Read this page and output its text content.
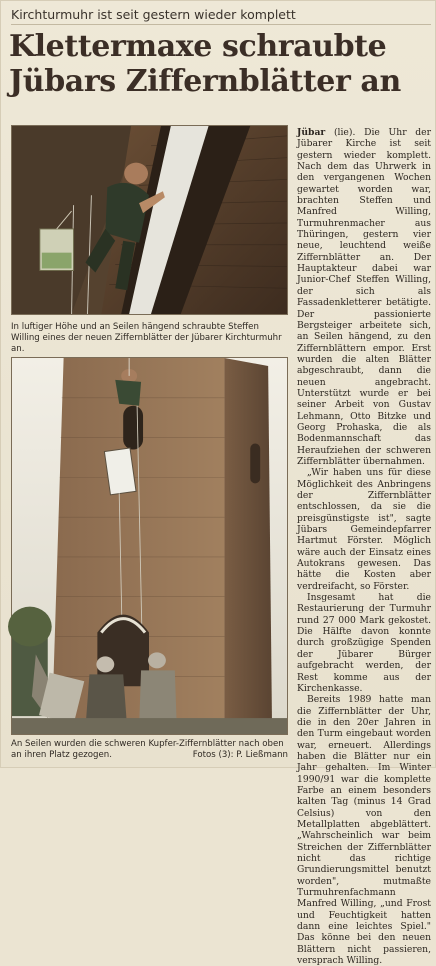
Kirchturmuhr ist seit gestern wieder komplett
Klettermaxe schraubte
Jübars Ziffernblätter an
In luftiger Höhe und an Seilen hängend schraubte Steffen Willing eines der neuen Ziffernblätter der Jübarer Kirchturmuhr an.
An Seilen wurden die schweren Kupfer-Ziffernblätter nach oben an ihren Platz gezogen.	Fotos (3): P. Ließmann

Jübar (lie). Die Uhr der Jübarer Kirche ist seit gestern wieder komplett. Nach dem das Uhrwerk in den vergangenen Wochen gewartet worden war, brachten Steffen und Manfred Willing, Turmuhrenmacher aus Thüringen, gestern vier neue, leuchtend weiße Ziffernblätter an. Der Hauptakteur dabei war Junior-Chef Steffen Willing, der sich als Fassadenkletterer betätigte. Der passionierte Bergsteiger arbeitete sich, an Seilen hängend, zu den Ziffernblättern empor. Erst wurden die alten Blätter abgeschraubt, dann die neuen angebracht. Unterstützt wurde er bei seiner Arbeit von Gustav Lehmann, Otto Bitzke und Georg Prohaska, die als Bodenmannschaft das Heraufziehen der schweren Ziffernblätter übernahmen.

„Wir haben uns für diese Möglichkeit des Anbringens der Ziffernblätter entschlossen, da sie die preisgünstigste ist", sagte Jübars Gemeindepfarrer Hartmut Förster. Möglich wäre auch der Einsatz eines Autokrans gewesen. Das hätte die Kosten aber verdreifacht, so Förster.

Insgesamt hat die Restaurierung der Turmuhr rund 27 000 Mark gekostet. Die Hälfte davon konnte durch großzügige Spenden der Jübarer Bürger aufgebracht werden, der Rest komme aus der Kirchenkasse.

Bereits 1989 hatte man die Ziffernblätter der Uhr, die in den 20er Jahren in den Turm eingebaut worden war, erneuert. Allerdings haben die Blätter nur ein Jahr gehalten. Im Winter 1990/91 war die komplette Farbe an einem besonders kalten Tag (minus 14 Grad Celsius) von den Metallplatten abgeblättert. „Wahrscheinlich war beim Streichen der Ziffernblätter nicht das richtige Grundierungsmittel benutzt worden", mutmaßte Turmuhrenfachmann Manfred Willing, „und Frost und Feuchtigkeit hatten dann eine leichtes Spiel." Das könne bei den neuen Blättern nicht passieren, versprach Willing.
